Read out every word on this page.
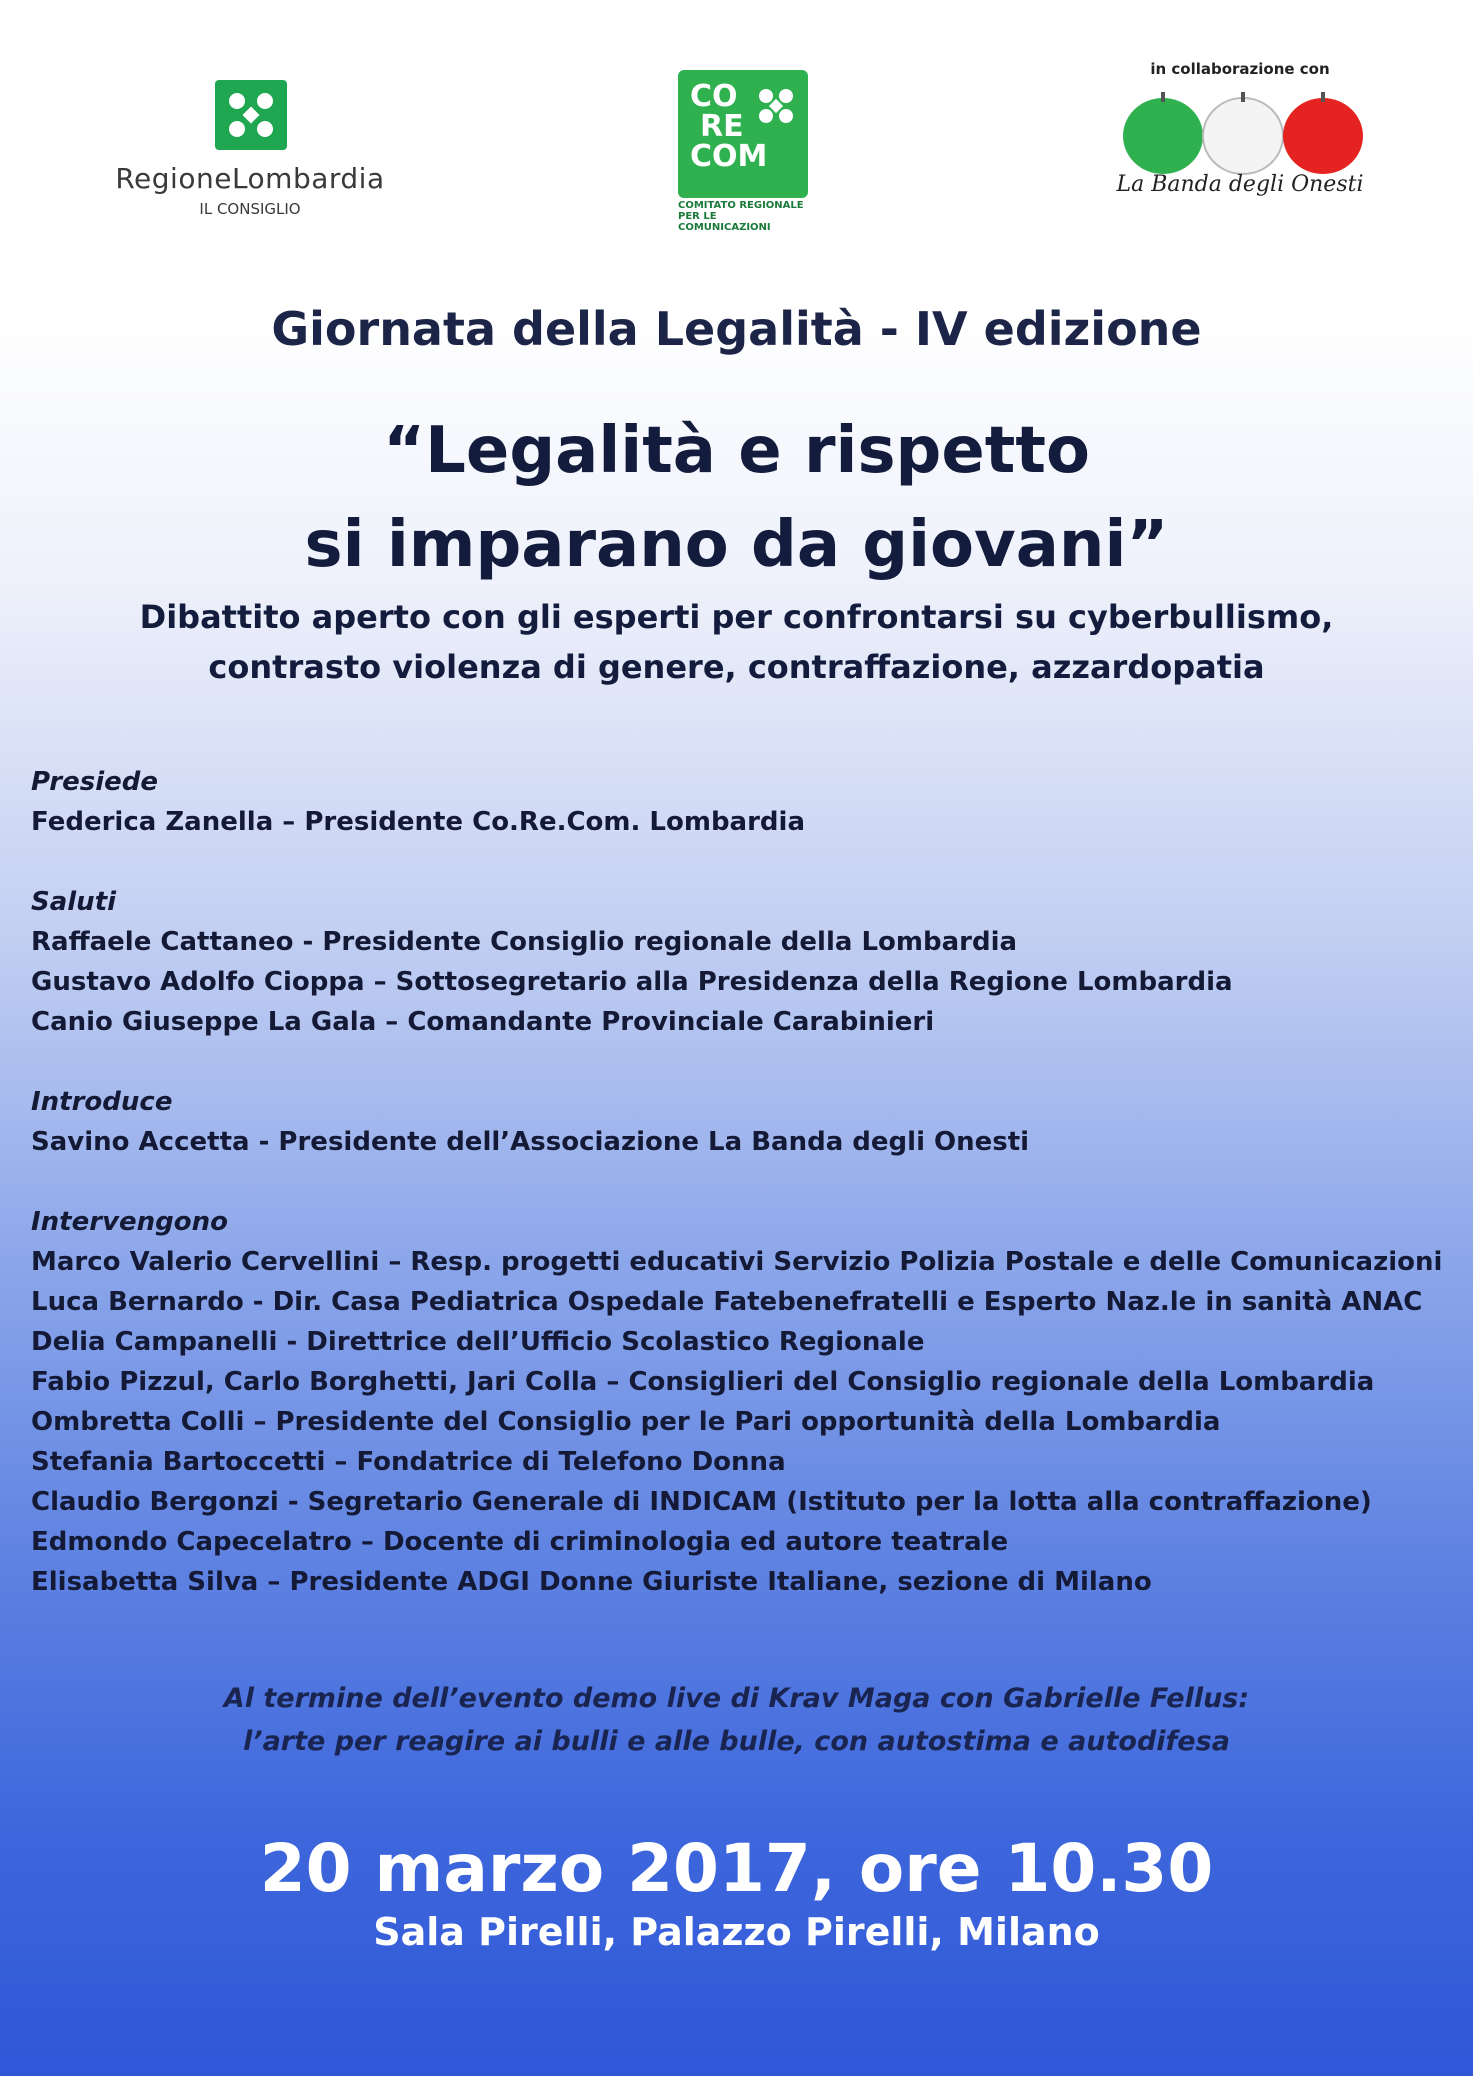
RegioneLombardia
IL CONSIGLIO
CO
RE
COM
COMITATO REGIONALE
PER LE COMUNICAZIONI
in collaborazione con
La Banda degli Onesti
Giornata della Legalità - IV edizione
“Legalità e rispetto
si imparano da giovani”
Dibattito aperto con gli esperti per confrontarsi su cyberbullismo,
contrasto violenza di genere, contraffazione, azzardopatia
Presiede
Federica Zanella – Presidente Co.Re.Com. Lombardia
Saluti
Raffaele Cattaneo - Presidente Consiglio regionale della Lombardia
Gustavo Adolfo Cioppa – Sottosegretario alla Presidenza della Regione Lombardia
Canio Giuseppe La Gala – Comandante Provinciale Carabinieri
Introduce
Savino Accetta - Presidente dell’Associazione La Banda degli Onesti
Intervengono
Marco Valerio Cervellini – Resp. progetti educativi Servizio Polizia Postale e delle Comunicazioni
Luca Bernardo - Dir. Casa Pediatrica Ospedale Fatebenefratelli e Esperto Naz.le in sanità ANAC
Delia Campanelli - Direttrice dell’Ufficio Scolastico Regionale
Fabio Pizzul, Carlo Borghetti, Jari Colla – Consiglieri del Consiglio regionale della Lombardia
Ombretta Colli – Presidente del Consiglio per le Pari opportunità della Lombardia
Stefania Bartoccetti – Fondatrice di Telefono Donna
Claudio Bergonzi - Segretario Generale di INDICAM (Istituto per la lotta alla contraffazione)
Edmondo Capecelatro – Docente di criminologia ed autore teatrale
Elisabetta Silva – Presidente ADGI Donne Giuriste Italiane, sezione di Milano
Al termine dell’evento demo live di Krav Maga con Gabrielle Fellus:
l’arte per reagire ai bulli e alle bulle, con autostima e autodifesa
20 marzo 2017, ore 10.30
Sala Pirelli, Palazzo Pirelli, Milano
